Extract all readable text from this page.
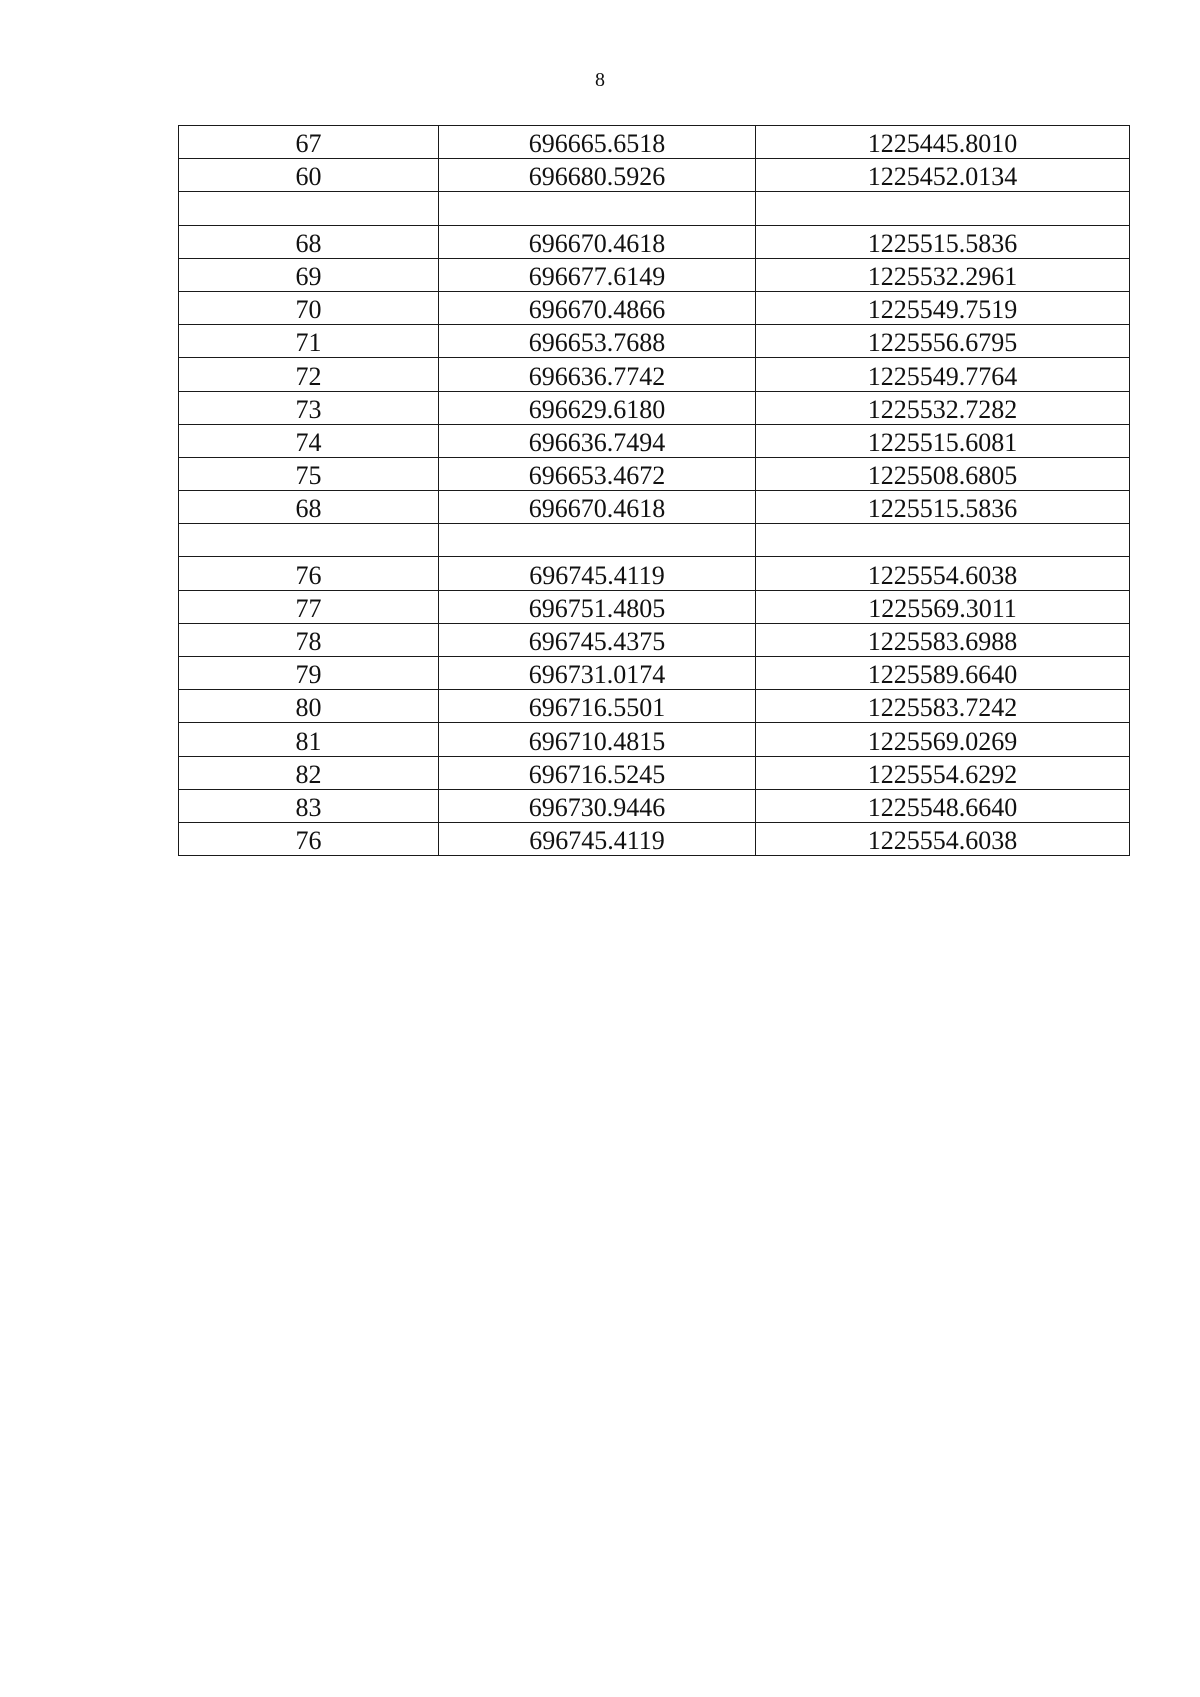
8
67	696665.6518	1225445.8010
60	696680.5926	1225452.0134

68	696670.4618	1225515.5836
69	696677.6149	1225532.2961
70	696670.4866	1225549.7519
71	696653.7688	1225556.6795
72	696636.7742	1225549.7764
73	696629.6180	1225532.7282
74	696636.7494	1225515.6081
75	696653.4672	1225508.6805
68	696670.4618	1225515.5836

76	696745.4119	1225554.6038
77	696751.4805	1225569.3011
78	696745.4375	1225583.6988
79	696731.0174	1225589.6640
80	696716.5501	1225583.7242
81	696710.4815	1225569.0269
82	696716.5245	1225554.6292
83	696730.9446	1225548.6640
76	696745.4119	1225554.6038
